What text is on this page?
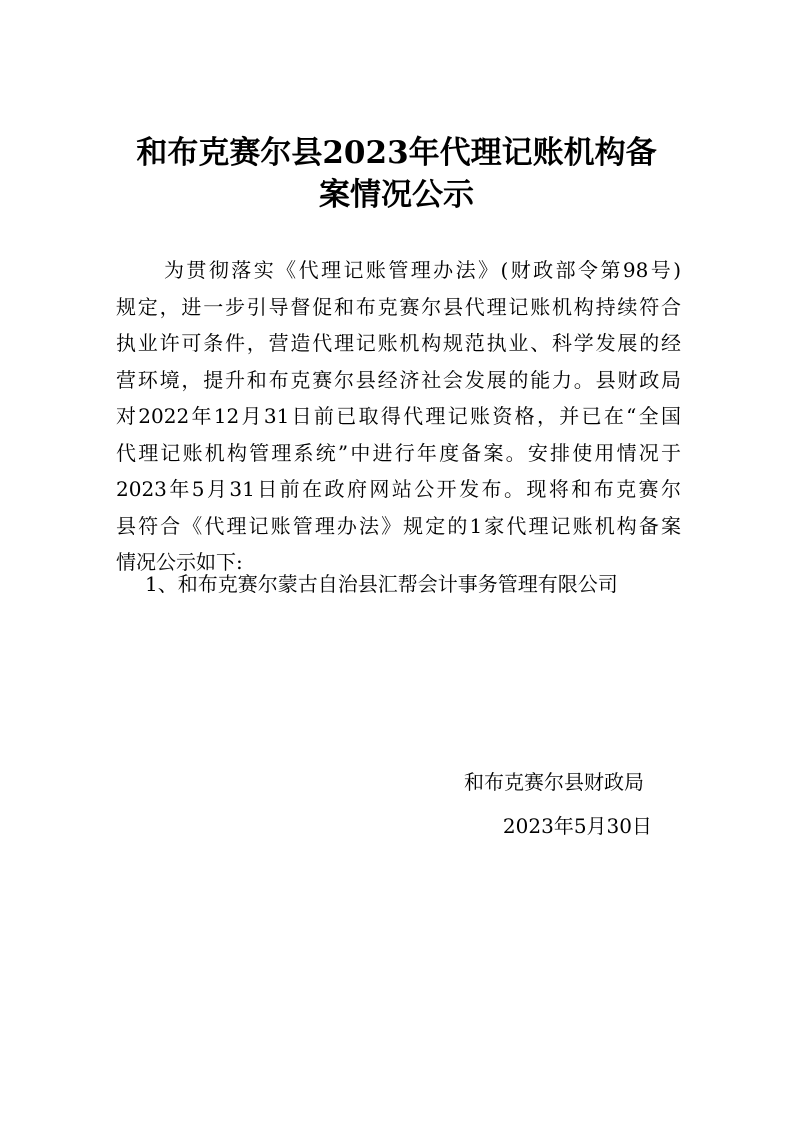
和布克赛尔县2023年代理记账机构备
案情况公示
为贯彻落实《代理记账管理办法》(财政部令第98号)
规定，进一步引导督促和布克赛尔县代理记账机构持续符合
执业许可条件，营造代理记账机构规范执业、科学发展的经
营环境，提升和布克赛尔县经济社会发展的能力。县财政局
对2022年12月31日前已取得代理记账资格，并已在“全国
代理记账机构管理系统”中进行年度备案。安排使用情况于
2023年5月31日前在政府网站公开发布。现将和布克赛尔
县符合《代理记账管理办法》规定的1家代理记账机构备案
情况公示如下:

1、和布克赛尔蒙古自治县汇帮会计事务管理有限公司

和布克赛尔县财政局
2023年5月30日
